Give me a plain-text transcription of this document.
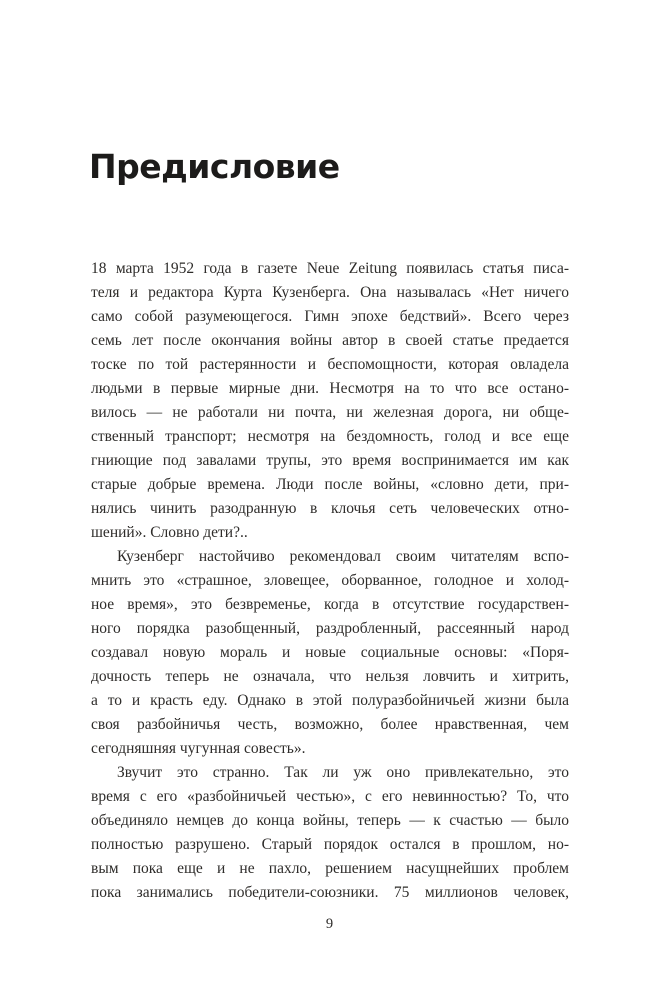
Предисловие
18 марта 1952 года в газете Neue Zeitung появилась статья писа-
теля и редактора Курта Кузенберга. Она называлась «Нет ничего
само собой разумеющегося. Гимн эпохе бедствий». Всего через
семь лет после окончания войны автор в своей статье предается
тоске по той растерянности и беспомощности, которая овладела
людьми в первые мирные дни. Несмотря на то что все остано-
вилось — не работали ни почта, ни железная дорога, ни обще-
ственный транспорт; несмотря на бездомность, голод и все еще
гниющие под завалами трупы, это время воспринимается им как
старые добрые времена. Люди после войны, «словно дети, при-
нялись чинить разодранную в клочья сеть человеческих отно-
шений». Словно дети?..
Кузенберг настойчиво рекомендовал своим читателям вспо-
мнить это «страшное, зловещее, оборванное, голодное и холод-
ное время», это безвременье, когда в отсутствие государствен-
ного порядка разобщенный, раздробленный, рассеянный народ
создавал новую мораль и новые социальные основы: «Поря-
дочность теперь не означала, что нельзя ловчить и хитрить,
а то и красть еду. Однако в этой полуразбойничьей жизни была
своя разбойничья честь, возможно, более нравственная, чем
сегодняшняя чугунная совесть».
Звучит это странно. Так ли уж оно привлекательно, это
время с его «разбойничьей честью», с его невинностью? То, что
объединяло немцев до конца войны, теперь — к счастью — было
полностью разрушено. Старый порядок остался в прошлом, но-
вым пока еще и не пахло, решением насущнейших проблем
пока занимались победители-союзники. 75 миллионов человек,
9
